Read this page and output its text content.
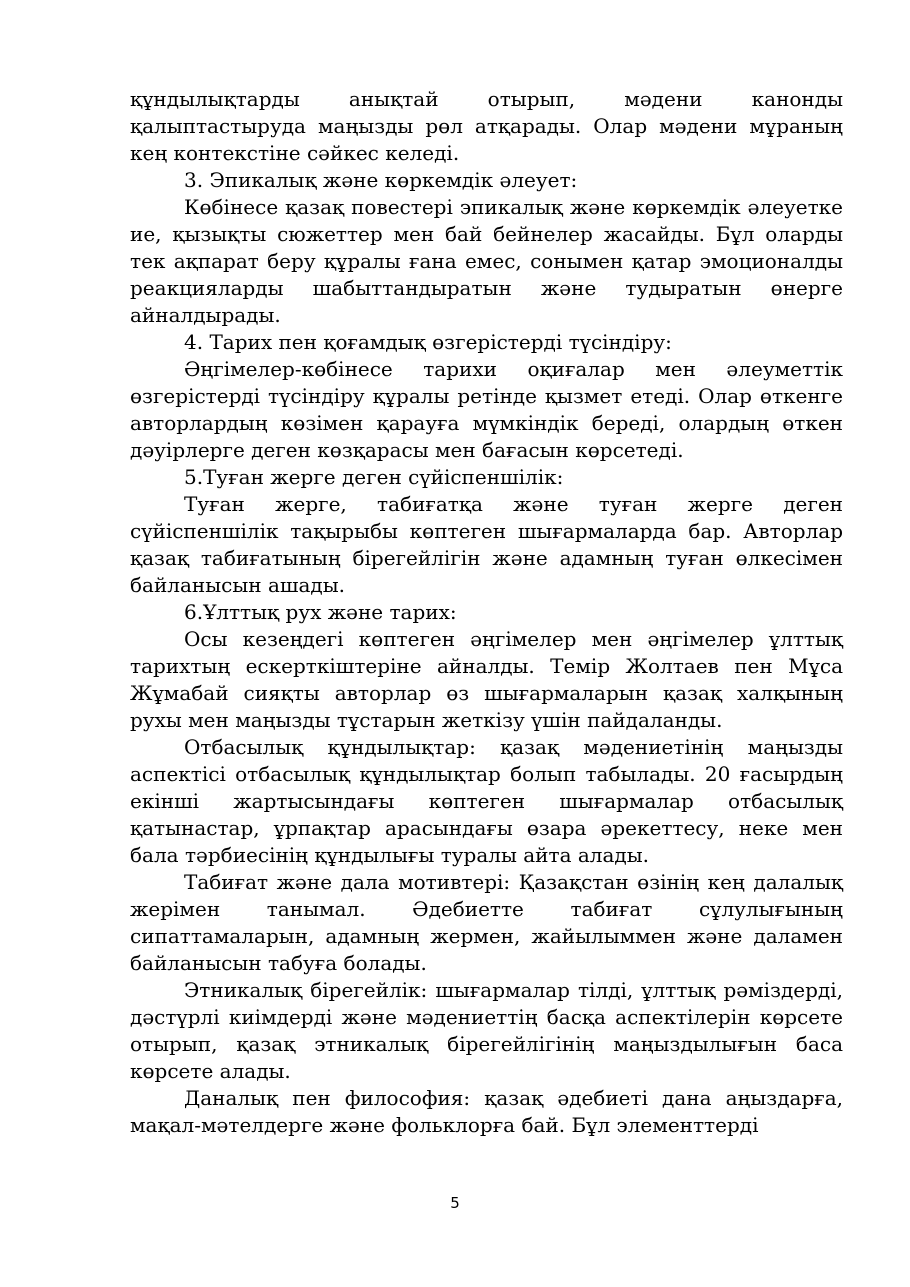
құндылықтарды анықтай отырып, мәдени канонды қалыптастыруда маңызды рөл атқарады. Олар мәдени мұраның кең контекстіне сәйкес келеді.

3. Эпикалық және көркемдік әлеует:

Көбінесе қазақ повестері эпикалық және көркемдік әлеуетке ие, қызықты сюжеттер мен бай бейнелер жасайды. Бұл оларды тек ақпарат беру құралы ғана емес, сонымен қатар эмоционалды реакцияларды шабыттандыратын және тудыратын өнерге айналдырады.

4. Тарих пен қоғамдық өзгерістерді түсіндіру:

Әңгімелер-көбінесе тарихи оқиғалар мен әлеуметтік өзгерістерді түсіндіру құралы ретінде қызмет етеді. Олар өткенге авторлардың көзімен қарауға мүмкіндік береді, олардың өткен дәуірлерге деген көзқарасы мен бағасын көрсетеді.

5.Туған жерге деген сүйіспеншілік:

Туған жерге, табиғатқа және туған жерге деген сүйіспеншілік тақырыбы көптеген шығармаларда бар. Авторлар қазақ табиғатының бірегейлігін және адамның туған өлкесімен байланысын ашады.

6.Ұлттық рух және тарих:

Осы кезеңдегі көптеген әңгімелер мен әңгімелер ұлттық тарихтың ескерткіштеріне айналды. Темір Жолтаев пен Мұса Жұмабай сияқты авторлар өз шығармаларын қазақ халқының рухы мен маңызды тұстарын жеткізу үшін пайдаланды.

Отбасылық құндылықтар: қазақ мәдениетінің маңызды аспектісі отбасылық құндылықтар болып табылады. 20 ғасырдың екінші жартысындағы көптеген шығармалар отбасылық қатынастар, ұрпақтар арасындағы өзара әрекеттесу, неке мен бала тәрбиесінің құндылығы туралы айта алады.

Табиғат және дала мотивтері: Қазақстан өзінің кең далалық жерімен танымал. Әдебиетте табиғат сұлулығының сипаттамаларын, адамның жермен, жайылыммен және даламен байланысын табуға болады.

Этникалық бірегейлік: шығармалар тілді, ұлттық рәміздерді, дәстүрлі киімдерді және мәдениеттің басқа аспектілерін көрсете отырып, қазақ этникалық бірегейлігінің маңыздылығын баса көрсете алады.

Даналық пен философия: қазақ әдебиеті дана аңыздарға, мақал-мәтелдерге және фольклорға бай. Бұл элементтерді

5
